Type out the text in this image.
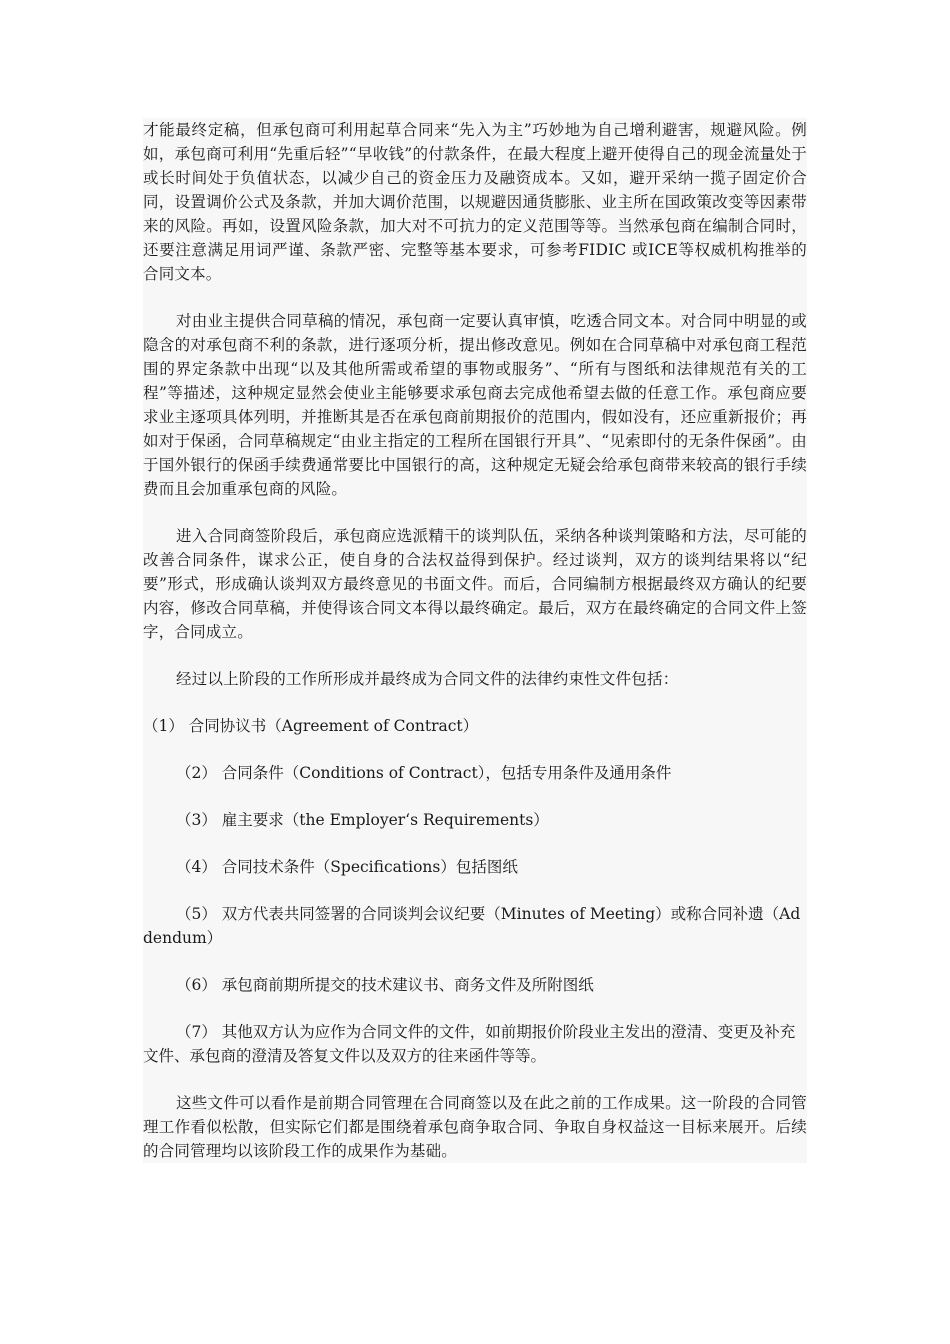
才能最终定稿，但承包商可利用起草合同来“先入为主”巧妙地为自己增利避害，规避风险。例如，承包商可利用“先重后轻”“早收钱”的付款条件，在最大程度上避开使得自己的现金流量处于或长时间处于负值状态，以减少自己的资金压力及融资成本。又如，避开采纳一揽子固定价合同，设置调价公式及条款，并加大调价范围，以规避因通货膨胀、业主所在国政策改变等因素带来的风险。再如，设置风险条款，加大对不可抗力的定义范围等等。当然承包商在编制合同时，还要注意满足用词严谨、条款严密、完整等基本要求，可参考FIDIC 或ICE等权威机构推举的合同文本。

对由业主提供合同草稿的情况，承包商一定要认真审慎，吃透合同文本。对合同中明显的或隐含的对承包商不利的条款，进行逐项分析，提出修改意见。例如在合同草稿中对承包商工程范围的界定条款中出现“以及其他所需或希望的事物或服务”、“所有与图纸和法律规范有关的工程”等描述，这种规定显然会使业主能够要求承包商去完成他希望去做的任意工作。承包商应要求业主逐项具体列明，并推断其是否在承包商前期报价的范围内，假如没有，还应重新报价；再如对于保函，合同草稿规定“由业主指定的工程所在国银行开具”、“见索即付的无条件保函”。由于国外银行的保函手续费通常要比中国银行的高，这种规定无疑会给承包商带来较高的银行手续费而且会加重承包商的风险。

进入合同商签阶段后，承包商应选派精干的谈判队伍，采纳各种谈判策略和方法，尽可能的改善合同条件，谋求公正，使自身的合法权益得到保护。经过谈判，双方的谈判结果将以“纪要”形式，形成确认谈判双方最终意见的书面文件。而后，合同编制方根据最终双方确认的纪要内容，修改合同草稿，并使得该合同文本得以最终确定。最后，双方在最终确定的合同文件上签字，合同成立。

经过以上阶段的工作所形成并最终成为合同文件的法律约束性文件包括：

（1） 合同协议书（Agreement of Contract）

（2） 合同条件（Conditions of Contract），包括专用条件及通用条件

（3） 雇主要求（the Employer‘s Requirements）

（4） 合同技术条件（Specifications）包括图纸

（5） 双方代表共同签署的合同谈判会议纪要（Minutes of Meeting）或称合同补遗（Addendum）

（6） 承包商前期所提交的技术建议书、商务文件及所附图纸

（7） 其他双方认为应作为合同文件的文件，如前期报价阶段业主发出的澄清、变更及补充文件、承包商的澄清及答复文件以及双方的往来函件等等。

这些文件可以看作是前期合同管理在合同商签以及在此之前的工作成果。这一阶段的合同管理工作看似松散，但实际它们都是围绕着承包商争取合同、争取自身权益这一目标来展开。后续的合同管理均以该阶段工作的成果作为基础。
